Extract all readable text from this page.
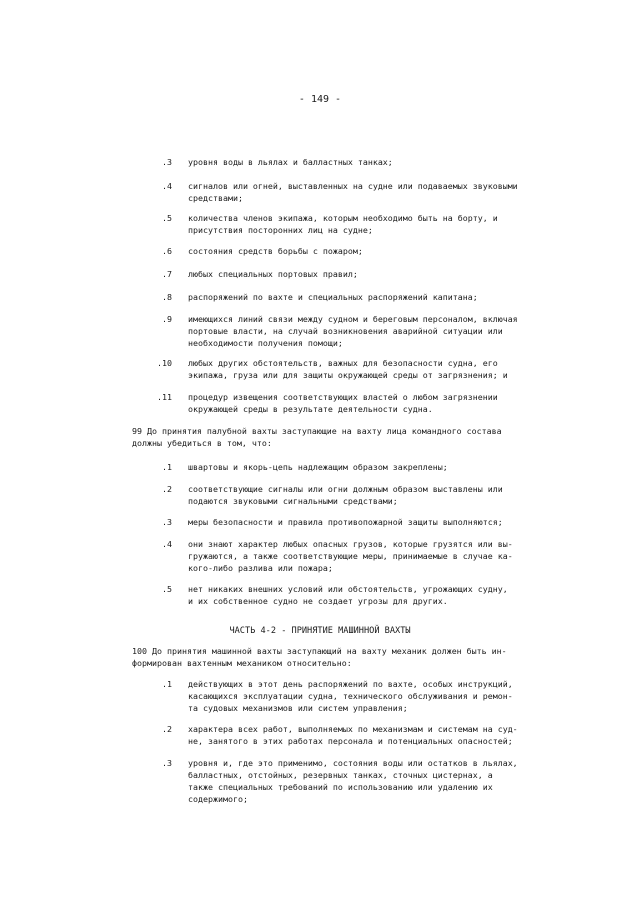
- 149 -
.3 уровня воды в льялах и балластных танках;
.4 сигналов или огней, выставленных на судне или подаваемых звуковыми
средствами;
.5 количества членов экипажа, которым необходимо быть на борту, и
присутствия посторонних лиц на судне;
.6 состояния средств борьбы с пожаром;
.7 любых специальных портовых правил;
.8 распоряжений по вахте и специальных распоряжений капитана;
.9 имеющихся линий связи между судном и береговым персоналом, включая
портовые власти, на случай возникновения аварийной ситуации или
необходимости получения помощи;
.10 любых других обстоятельств, важных для безопасности судна, его
экипажа, груза или для защиты окружающей среды от загрязнения; и
.11 процедур извещения соответствующих властей о любом загрязнении
окружающей среды в результате деятельности судна.
99 До принятия палубной вахты заступающие на вахту лица командного состава
должны убедиться в том, что:
.1 швартовы и якорь-цепь надлежащим образом закреплены;
.2 соответствующие сигналы или огни должным образом выставлены или
подаются звуковыми сигнальными средствами;
.3 меры безопасности и правила противопожарной защиты выполняются;
.4 они знают характер любых опасных грузов, которые грузятся или вы-
гружаются, а также соответствующие меры, принимаемые в случае ка-
кого-либо разлива или пожара;
.5 нет никаких внешних условий или обстоятельств, угрожающих судну,
и их собственное судно не создает угрозы для других.
ЧАСТЬ 4-2 - ПРИНЯТИЕ МАШИННОЙ ВАХТЫ
100 До принятия машинной вахты заступающий на вахту механик должен быть ин-
формирован вахтенным механиком относительно:
.1 действующих в этот день распоряжений по вахте, особых инструкций,
касающихся эксплуатации судна, технического обслуживания и ремон-
та судовых механизмов или систем управления;
.2 характера всех работ, выполняемых по механизмам и системам на суд-
не, занятого в этих работах персонала и потенциальных опасностей;
.3 уровня и, где это применимо, состояния воды или остатков в льялах,
балластных, отстойных, резервных танках, сточных цистернах, а
также специальных требований по использованию или удалению их
содержимого;
